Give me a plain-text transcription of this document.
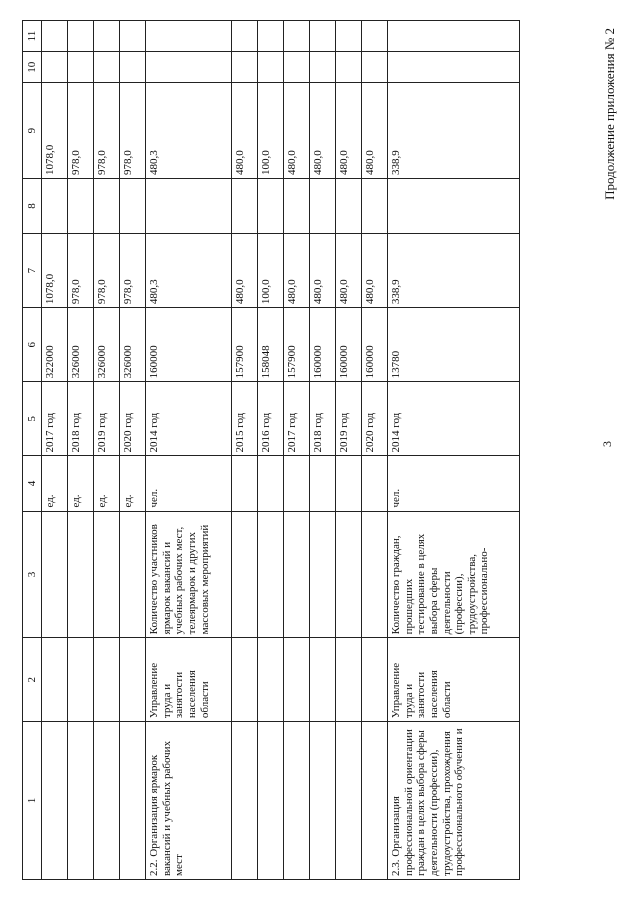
1	2	3	4	5	6	7	8	9	10	11
			ед.	2017 год	322000	1078,0		1078,0		
			ед.	2018 год	326000	978,0		978,0		
			ед.	2019 год	326000	978,0		978,0		
			ед.	2020 год	326000	978,0		978,0		
2.2. Организация ярмарок вакансий и учебных рабочих мест	Управление труда и занятости населения области	Количество участников ярмарок вакансий и учебных рабочих мест, телеярмарок и других массовых мероприятий	чел.	2014 год	160000	480,3		480,3		
				2015 год	157900	480,0		480,0		
				2016 год	158048	100,0		100,0		
				2017 год	157900	480,0		480,0		
				2018 год	160000	480,0		480,0		
				2019 год	160000	480,0		480,0		
				2020 год	160000	480,0		480,0		
2.3. Организация профессиональной ориентации граждан в целях выбора сферы деятельности (профессии), трудоустройства, прохождения профессионального обучения и	Управление труда и занятости населения области	Количество граждан, прошедших тестирование в целях выбора сферы деятельности (профессии), трудоустройства, профессионально-	чел.	2014 год	13780	338,9		338,9		
3
Продолжение приложения № 2
